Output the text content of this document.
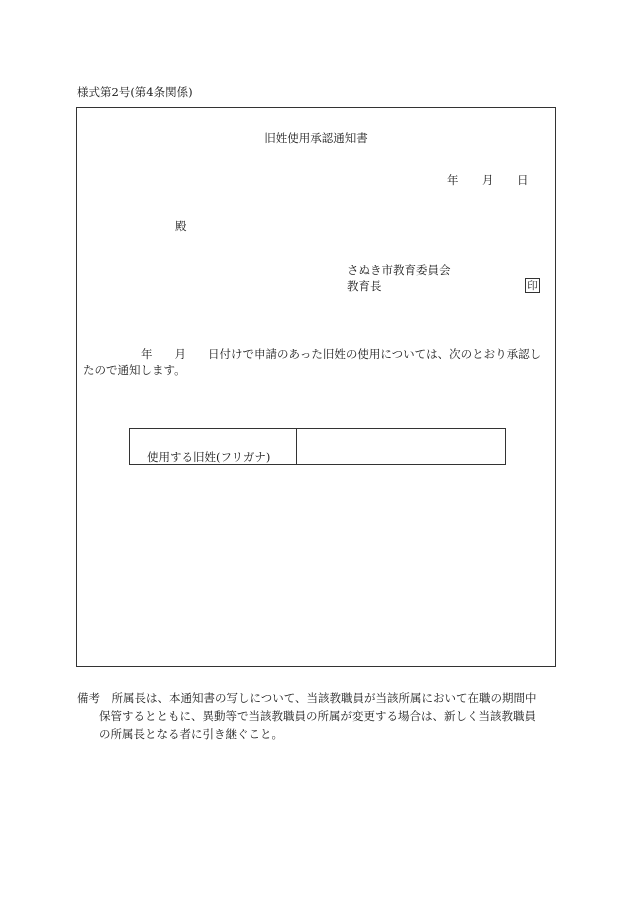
様式第2号(第4条関係)
旧姓使用承認通知書
年 月 日
殿
さぬき市教育委員会
教育長	印
年 月 日付けで申請のあった旧姓の使用については、次のとおり承認し
たので通知します。
使用する旧姓(フリガナ)
備考　 所属長は、本通知書の写しについて、当該教職員が当該所属において在職の期間中
保管するとともに、異動等で当該教職員の所属が変更する場合は、新しく当該教職員
の所属長となる者に引き継ぐこと。
